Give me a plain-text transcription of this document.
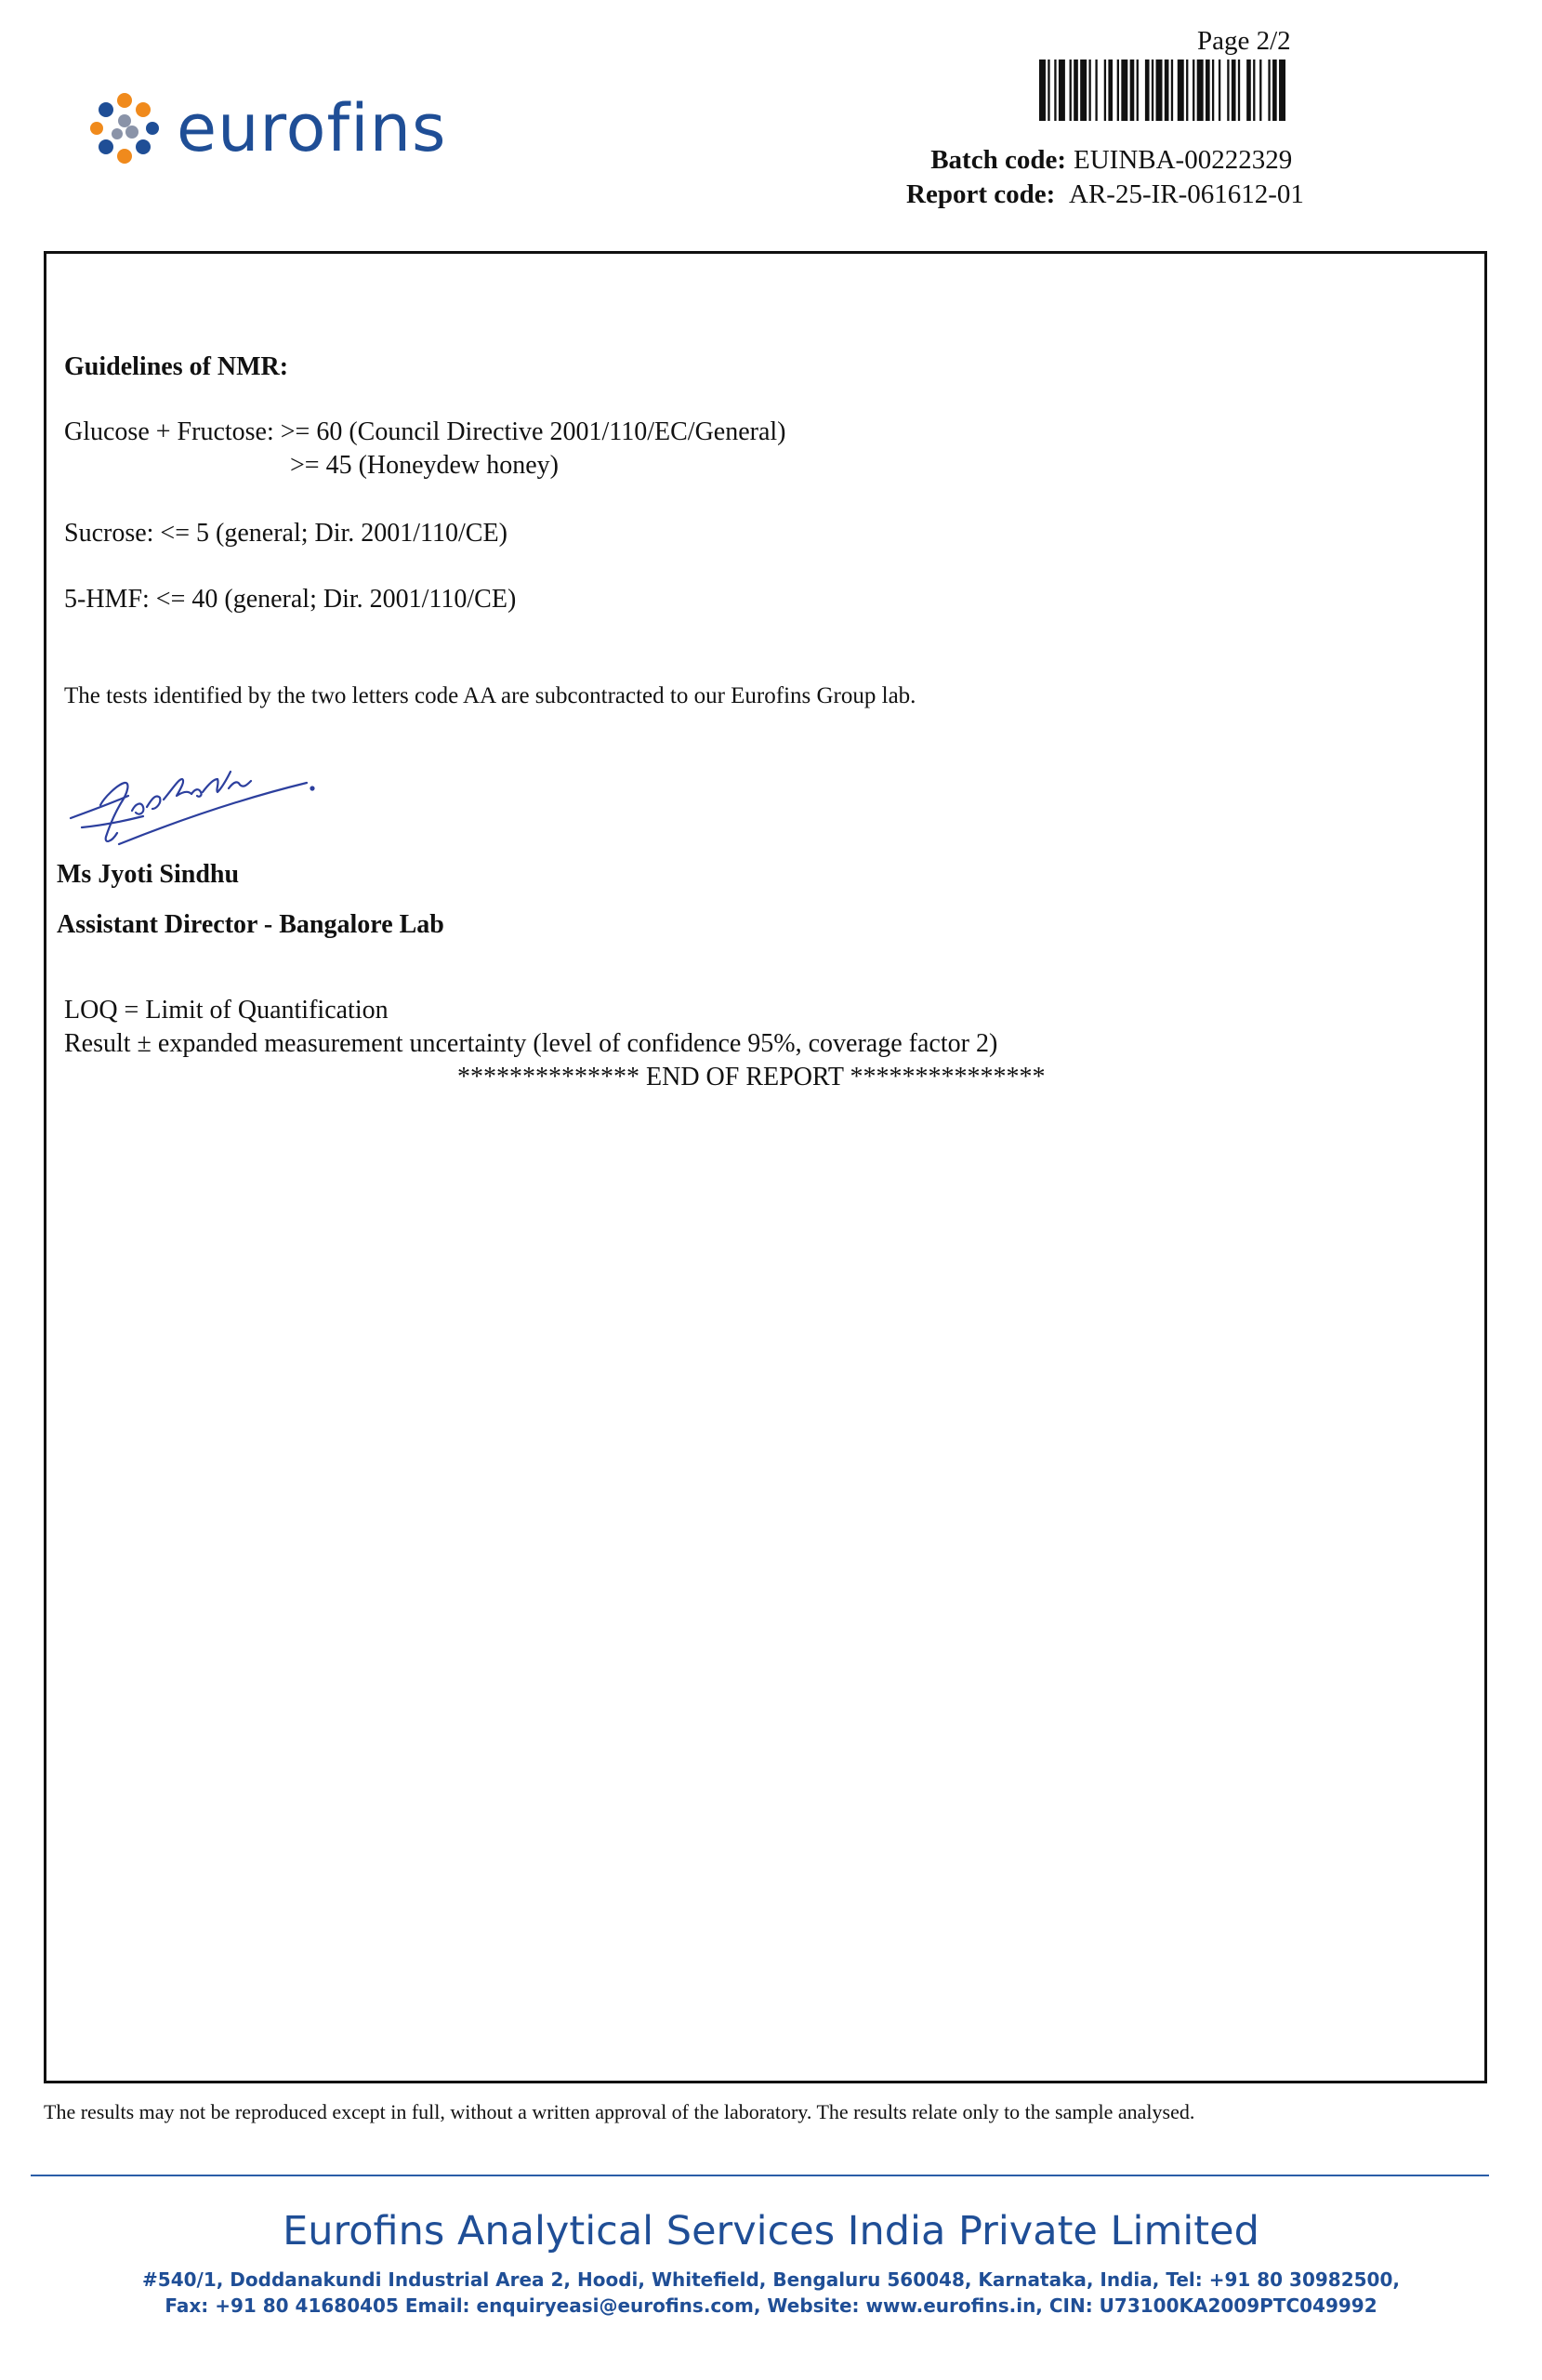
eurofins
Page 2/2
Batch code: EUINBA-00222329
Report code: AR-25-IR-061612-01
Guidelines of NMR:
Glucose + Fructose: >= 60 (Council Directive 2001/110/EC/General)
>= 45 (Honeydew honey)
Sucrose: <= 5 (general; Dir. 2001/110/CE)
5-HMF: <= 40 (general; Dir. 2001/110/CE)
The tests identified by the two letters code AA are subcontracted to our Eurofins Group lab.
Ms Jyoti Sindhu
Assistant Director - Bangalore Lab
LOQ = Limit of Quantification
Result ± expanded measurement uncertainty (level of confidence 95%, coverage factor 2)
************** END OF REPORT ***************
The results may not be reproduced except in full, without a written approval of the laboratory. The results relate only to the sample analysed.
Eurofins Analytical Services India Private Limited
#540/1, Doddanakundi Industrial Area 2, Hoodi, Whitefield, Bengaluru 560048, Karnataka, India, Tel: +91 80 30982500,
Fax: +91 80 41680405 Email: enquiryeasi@eurofins.com, Website: www.eurofins.in, CIN: U73100KA2009PTC049992
